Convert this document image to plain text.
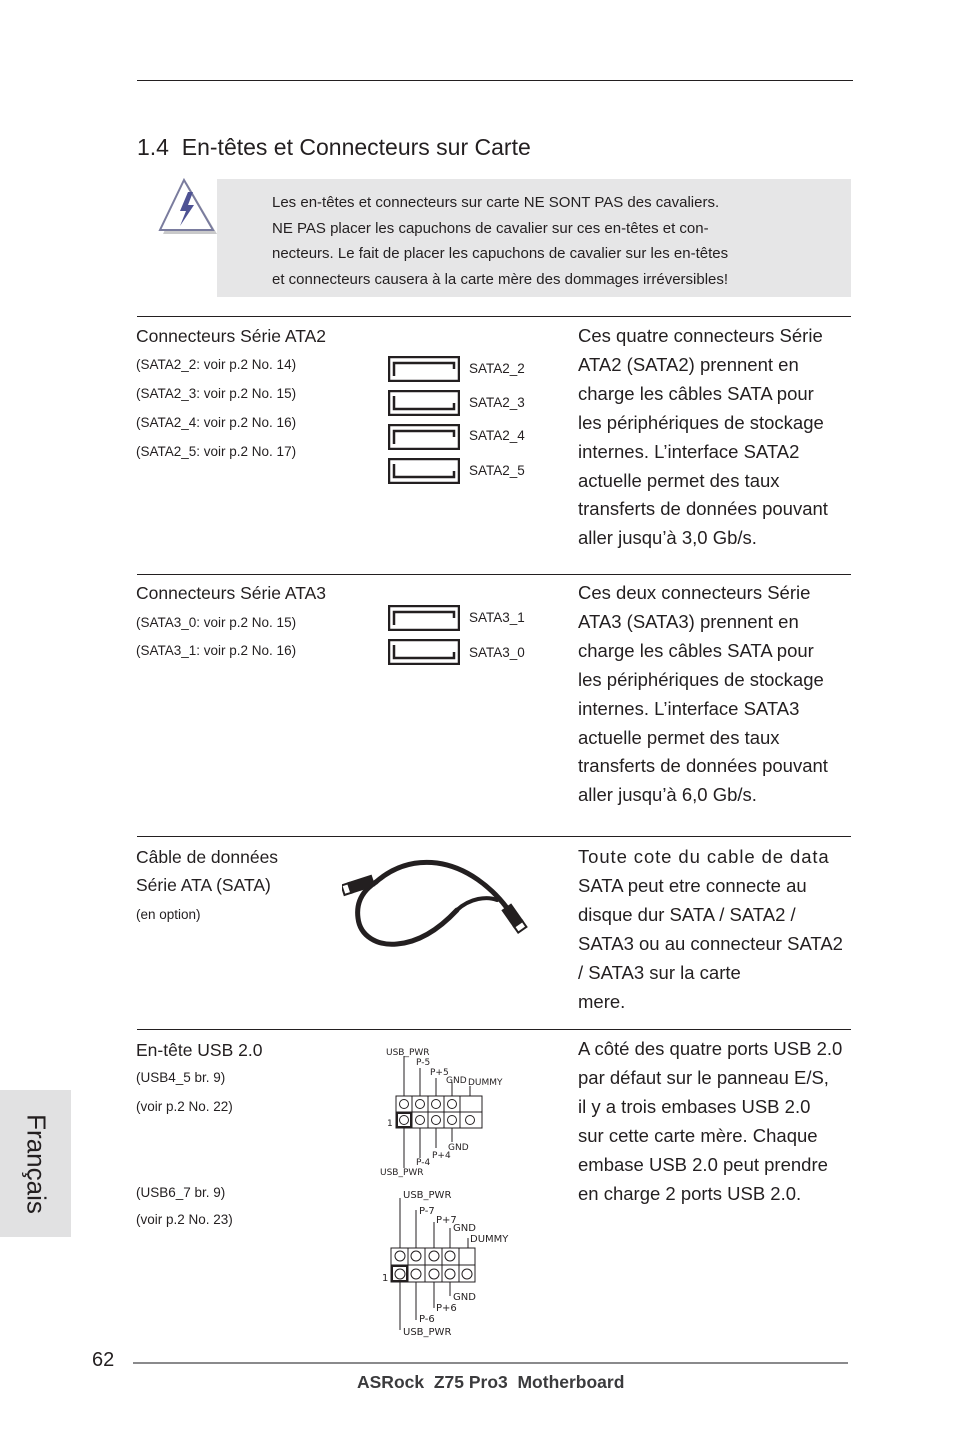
1.4 En-têtes et Connecteurs sur Carte
Les en-têtes et connecteurs sur carte NE SONT PAS des cavaliers.
NE PAS placer les capuchons de cavalier sur ces en-têtes et con-
necteurs. Le fait de placer les capuchons de cavalier sur les en-têtes
et connecteurs causera à la carte mère des dommages irréversibles!
Connecteurs Série ATA2
(SATA2_2: voir p.2 No. 14)
(SATA2_3: voir p.2 No. 15)
(SATA2_4: voir p.2 No. 16)
(SATA2_5: voir p.2 No. 17)
SATA2_2
SATA2_3
SATA2_4
SATA2_5
Ces quatre connecteurs Série
ATA2 (SATA2) prennent en
charge les câbles SATA pour
les périphériques de stockage
internes. L’interface SATA2
actuelle permet des taux
transferts de données pouvant
aller jusqu’à 3,0 Gb/s.
Connecteurs Série ATA3
(SATA3_0: voir p.2 No. 15)
(SATA3_1: voir p.2 No. 16)
SATA3_1
SATA3_0
Ces deux connecteurs Série
ATA3 (SATA3) prennent en
charge les câbles SATA pour
les périphériques de stockage
internes. L’interface SATA3
actuelle permet des taux
transferts de données pouvant
aller jusqu’à 6,0 Gb/s.
Câble de données
Série ATA (SATA)
(en option)
Toute cote du cable de data
SATA peut etre connecte au
disque dur SATA / SATA2 /
SATA3 ou au connecteur SATA2
/ SATA3 sur la carte
mere.
En-tête USB 2.0
(USB4_5 br. 9)
(voir p.2 No. 22)
(USB6_7 br. 9)
(voir p.2 No. 23)
USB_PWR
P-5
P+5
GND DUMMY
1
GND
P+4
P-4
USB_PWR
USB_PWR
P-7
P+7
GND
DUMMY
1
GND
P+6
P-6
USB_PWR
A côté des quatre ports USB 2.0
par défaut sur le panneau E/S,
il y a trois embases USB 2.0
sur cette carte mère. Chaque
embase USB 2.0 peut prendre
en charge 2 ports USB 2.0.
Français
62
ASRock  Z75 Pro3  Motherboard
